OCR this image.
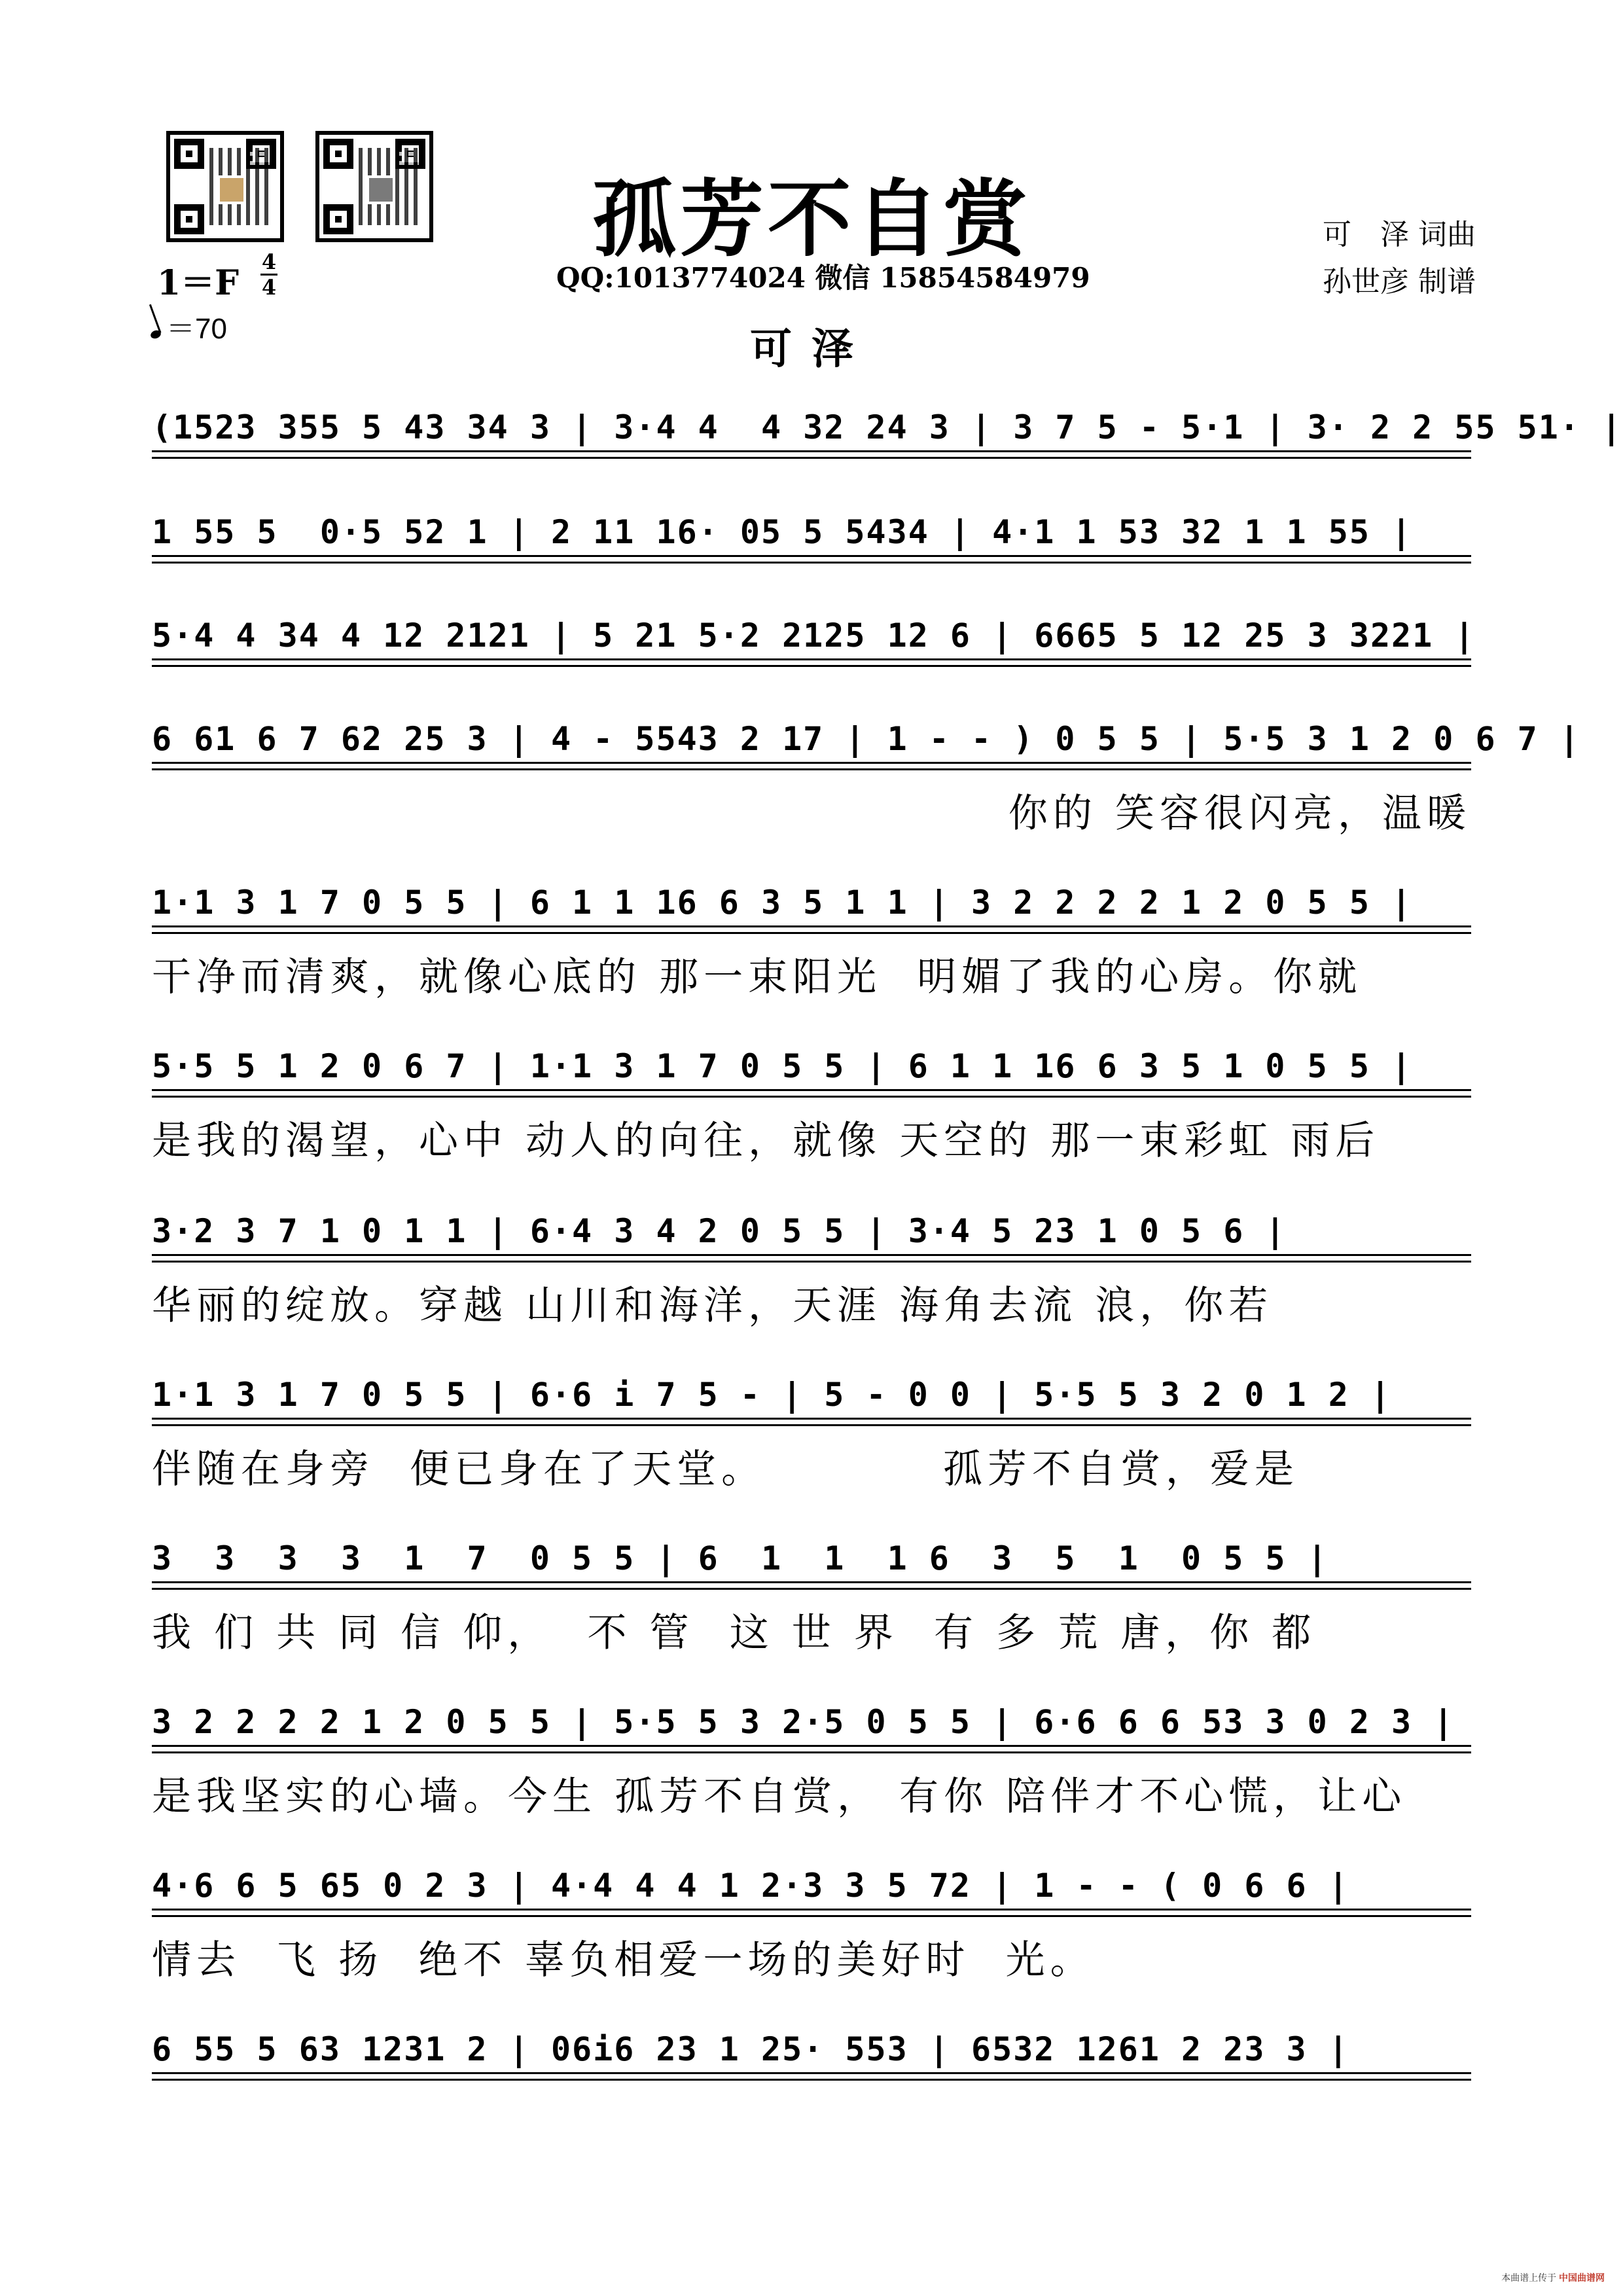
孤芳不自赏
QQ:1013774024 微信 15854584979
可　泽 词曲
孙世彦 制谱
1＝F
4
4
＝70	可泽
(1523 355 5 43 34 3 | 3·4 4  4 32 24 3 | 3 7 5 - 5·1 | 3· 2 2 55 51· |
1 55 5  0·5 52 1 | 2 11 16· 05 5 5434 | 4·1 1 53 32 1 1 55 |
5·4 4 34 4 12 2121 | 5 21 5·2 2125 12 6 | 6665 5 12 25 3 3221 |
6 61 6 7 62 25 3 | 4 - 5543 2 17 | 1 - - ) 0 5 5 | 5·5 3 1 2 0 6 7 |
你的 笑容很闪亮，温暖
1·1 3 1 7 0 5 5 | 6 1 1 16 6 3 5 1 1 | 3 2 2 2 2 1 2 0 5 5 |
干净而清爽，就像心底的 那一束阳光  明媚了我的心房。你就
5·5 5 1 2 0 6 7 | 1·1 3 1 7 0 5 5 | 6 1 1 16 6 3 5 1 0 5 5 |
是我的渴望，心中 动人的向往，就像 天空的 那一束彩虹 雨后
3·2 3 7 1 0 1 1 | 6·4 3 4 2 0 5 5 | 3·4 5 23 1 0 5 6 |
华丽的绽放。穿越 山川和海洋，天涯 海角去流 浪，你若
1·1 3 1 7 0 5 5 | 6·6 i 7 5 - | 5 - 0 0 | 5·5 5 3 2 0 1 2 |
伴随在身旁  便已身在了天堂。          孤芳不自赏，爱是
3  3  3  3  1  7  0 5 5 | 6  1  1  1 6  3  5  1  0 5 5 |
我 们 共 同 信 仰，  不 管  这 世 界  有 多 荒 唐，你 都
3 2 2 2 2 1 2 0 5 5 | 5·5 5 3 2·5 0 5 5 | 6·6 6 6 53 3 0 2 3 |
是我坚实的心墙。今生 孤芳不自赏， 有你 陪伴才不心慌，让心
4·6 6 5 65 0 2 3 | 4·4 4 4 1 2·3 3 5 72 | 1 - - ( 0 6 6 |
情去  飞 扬  绝不 辜负相爱一场的美好时  光。
6 55 5 63 1231 2 | 06i6 23 1 25· 553 | 6532 1261 2 23 3 |
本曲谱上传于 中国曲谱网
